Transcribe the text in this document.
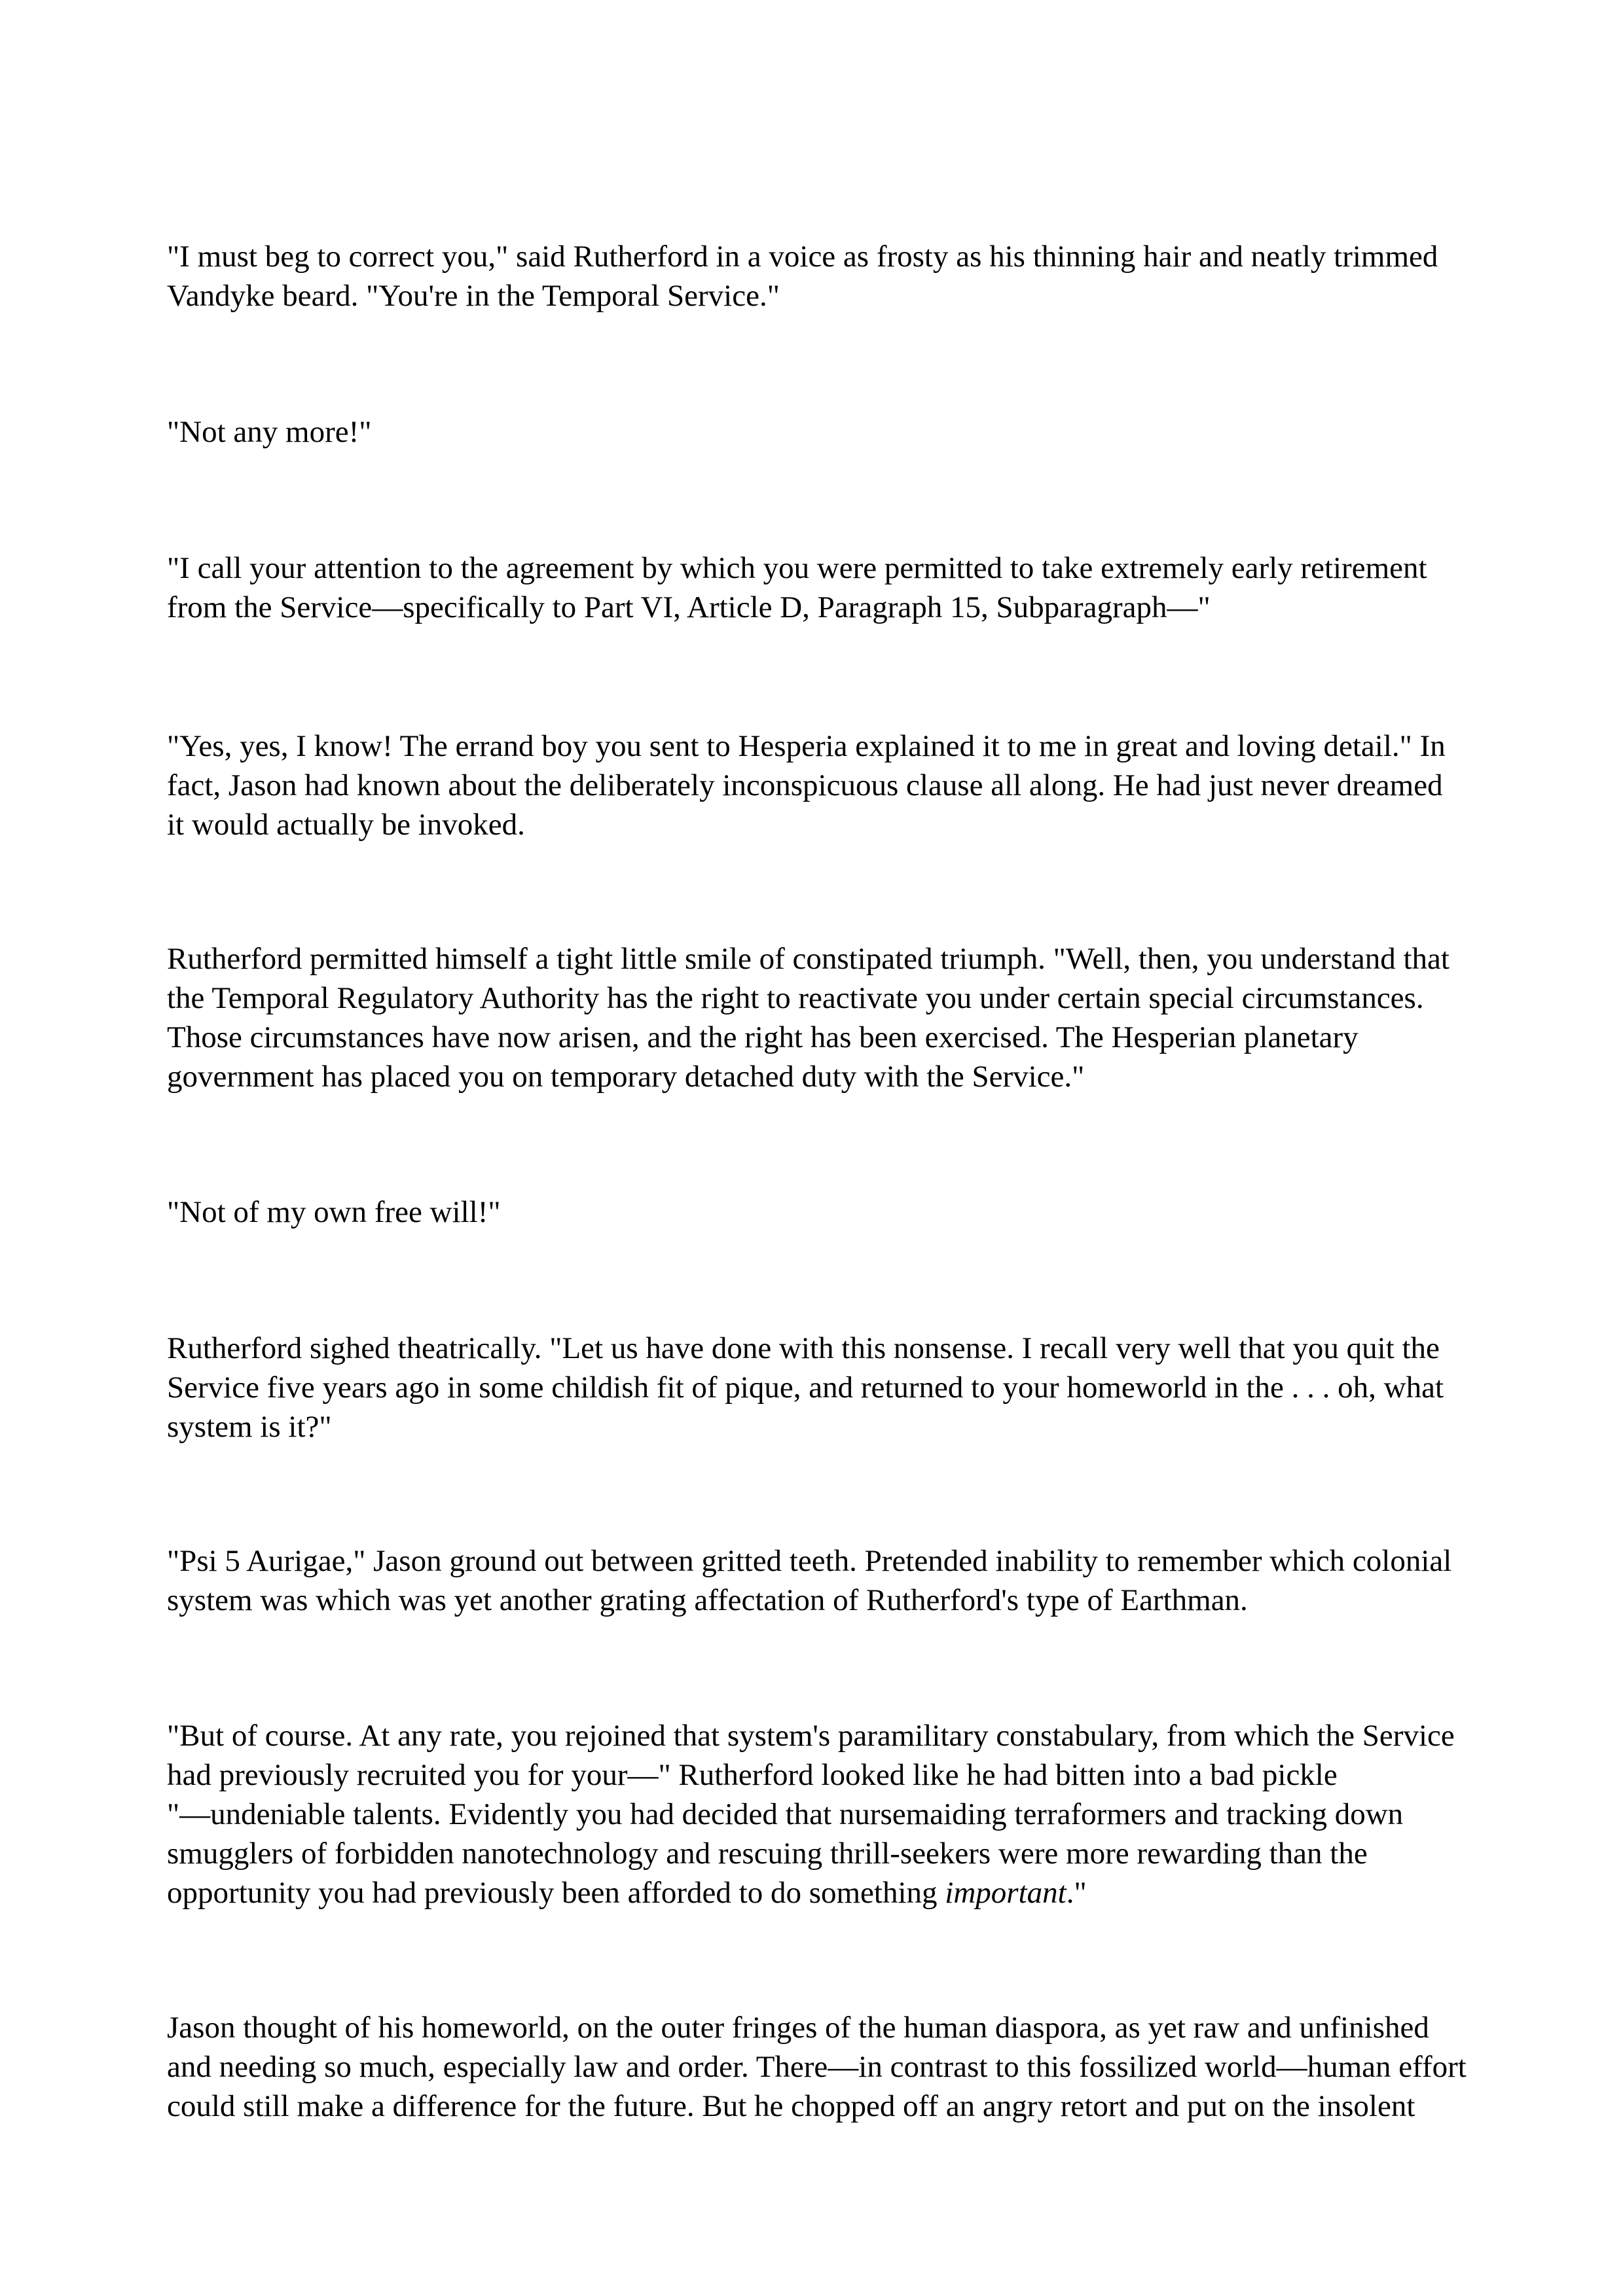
"I must beg to correct you," said Rutherford in a voice as frosty as his thinning hair and neatly trimmed
Vandyke beard. "You're in the Temporal Service."

"Not any more!"

"I call your attention to the agreement by which you were permitted to take extremely early retirement
from the Service—specifically to Part VI, Article D, Paragraph 15, Subparagraph—"

"Yes, yes, I know! The errand boy you sent to Hesperia explained it to me in great and loving detail." In
fact, Jason had known about the deliberately inconspicuous clause all along. He had just never dreamed
it would actually be invoked.

Rutherford permitted himself a tight little smile of constipated triumph. "Well, then, you understand that
the Temporal Regulatory Authority has the right to reactivate you under certain special circumstances.
Those circumstances have now arisen, and the right has been exercised. The Hesperian planetary
government has placed you on temporary detached duty with the Service."

"Not of my own free will!"

Rutherford sighed theatrically. "Let us have done with this nonsense. I recall very well that you quit the
Service five years ago in some childish fit of pique, and returned to your homeworld in the . . . oh, what
system is it?"

"Psi 5 Aurigae," Jason ground out between gritted teeth. Pretended inability to remember which colonial
system was which was yet another grating affectation of Rutherford's type of Earthman.

"But of course. At any rate, you rejoined that system's paramilitary constabulary, from which the Service
had previously recruited you for your—" Rutherford looked like he had bitten into a bad pickle
"—undeniable talents. Evidently you had decided that nursemaiding terraformers and tracking down
smugglers of forbidden nanotechnology and rescuing thrill-seekers were more rewarding than the
opportunity you had previously been afforded to do something important."

Jason thought of his homeworld, on the outer fringes of the human diaspora, as yet raw and unfinished
and needing so much, especially law and order. There—in contrast to this fossilized world—human effort
could still make a difference for the future. But he chopped off an angry retort and put on the insolent
